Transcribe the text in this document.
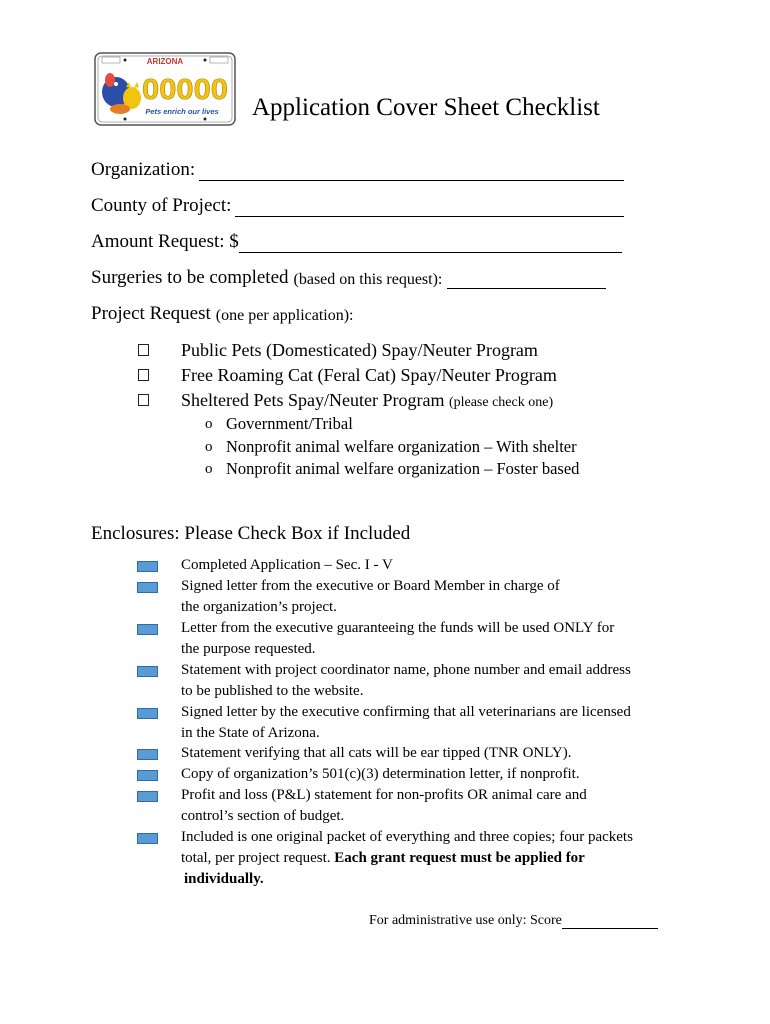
ARIZONA
00000
Pets enrich our lives Application Cover Sheet Checklist
Organization:
County of Project:
Amount Request: $
Surgeries to be completed (based on this request):
Project Request (one per application):
Public Pets (Domesticated) Spay/Neuter Program
Free Roaming Cat (Feral Cat) Spay/Neuter Program
Sheltered Pets Spay/Neuter Program (please check one)
o Government/Tribal
o Nonprofit animal welfare organization – With shelter
o Nonprofit animal welfare organization – Foster based
Enclosures: Please Check Box if Included
Completed Application – Sec. I - V
Signed letter from the executive or Board Member in charge of
the organization’s project.
Letter from the executive guaranteeing the funds will be used ONLY for
the purpose requested.
Statement with project coordinator name, phone number and email address
to be published to the website.
Signed letter by the executive confirming that all veterinarians are licensed
in the State of Arizona.
Statement verifying that all cats will be ear tipped (TNR ONLY).
Copy of organization’s 501(c)(3) determination letter, if nonprofit.
Profit and loss (P&L) statement for non-profits OR animal care and
control’s section of budget.
Included is one original packet of everything and three copies; four packets
total, per project request. Each grant request must be applied for
individually.
For administrative use only: Score
